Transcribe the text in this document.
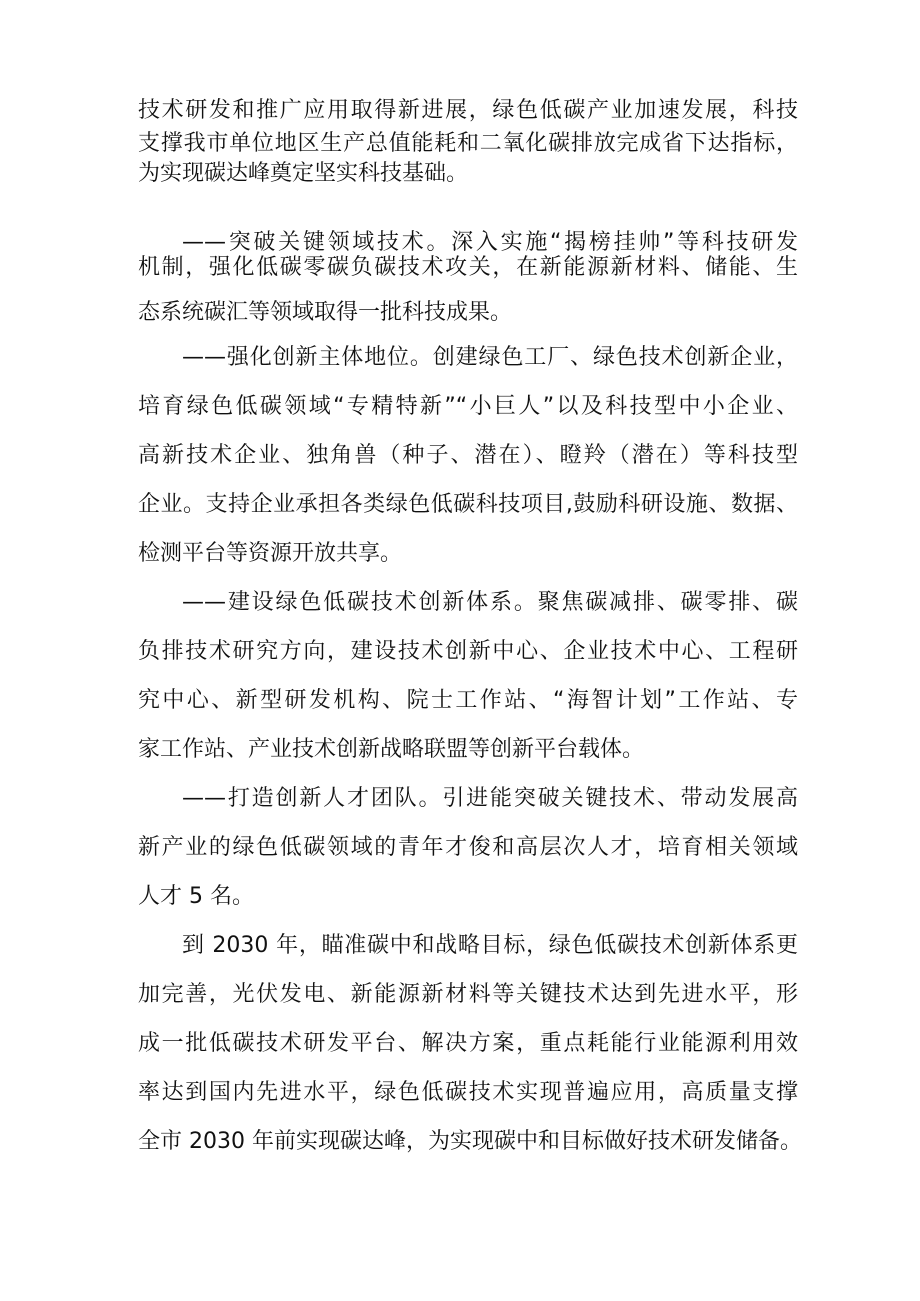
技术研发和推广应用取得新进展，绿色低碳产业加速发展，科技

支撑我市单位地区生产总值能耗和二氧化碳排放完成省下达指标，

为实现碳达峰奠定坚实科技基础。

——突破关键领域技术。深入实施“揭榜挂帅”等科技研发

机制，强化低碳零碳负碳技术攻关，在新能源新材料、储能、生

态系统碳汇等领域取得一批科技成果。

——强化创新主体地位。创建绿色工厂、绿色技术创新企业，

培育绿色低碳领域“专精特新”“小巨人”以及科技型中小企业、

高新技术企业、独角兽（种子、潜在）、瞪羚（潜在）等科技型

企业。支持企业承担各类绿色低碳科技项目,鼓励科研设施、数据、

检测平台等资源开放共享。

——建设绿色低碳技术创新体系。聚焦碳减排、碳零排、碳

负排技术研究方向，建设技术创新中心、企业技术中心、工程研

究中心、新型研发机构、院士工作站、“海智计划”工作站、专

家工作站、产业技术创新战略联盟等创新平台载体。

——打造创新人才团队。引进能突破关键技术、带动发展高

新产业的绿色低碳领域的青年才俊和高层次人才，培育相关领域

人才 5 名。

到 2030 年，瞄准碳中和战略目标，绿色低碳技术创新体系更

加完善，光伏发电、新能源新材料等关键技术达到先进水平，形

成一批低碳技术研发平台、解决方案，重点耗能行业能源利用效

率达到国内先进水平，绿色低碳技术实现普遍应用，高质量支撑

全市 2030 年前实现碳达峰，为实现碳中和目标做好技术研发储备。
